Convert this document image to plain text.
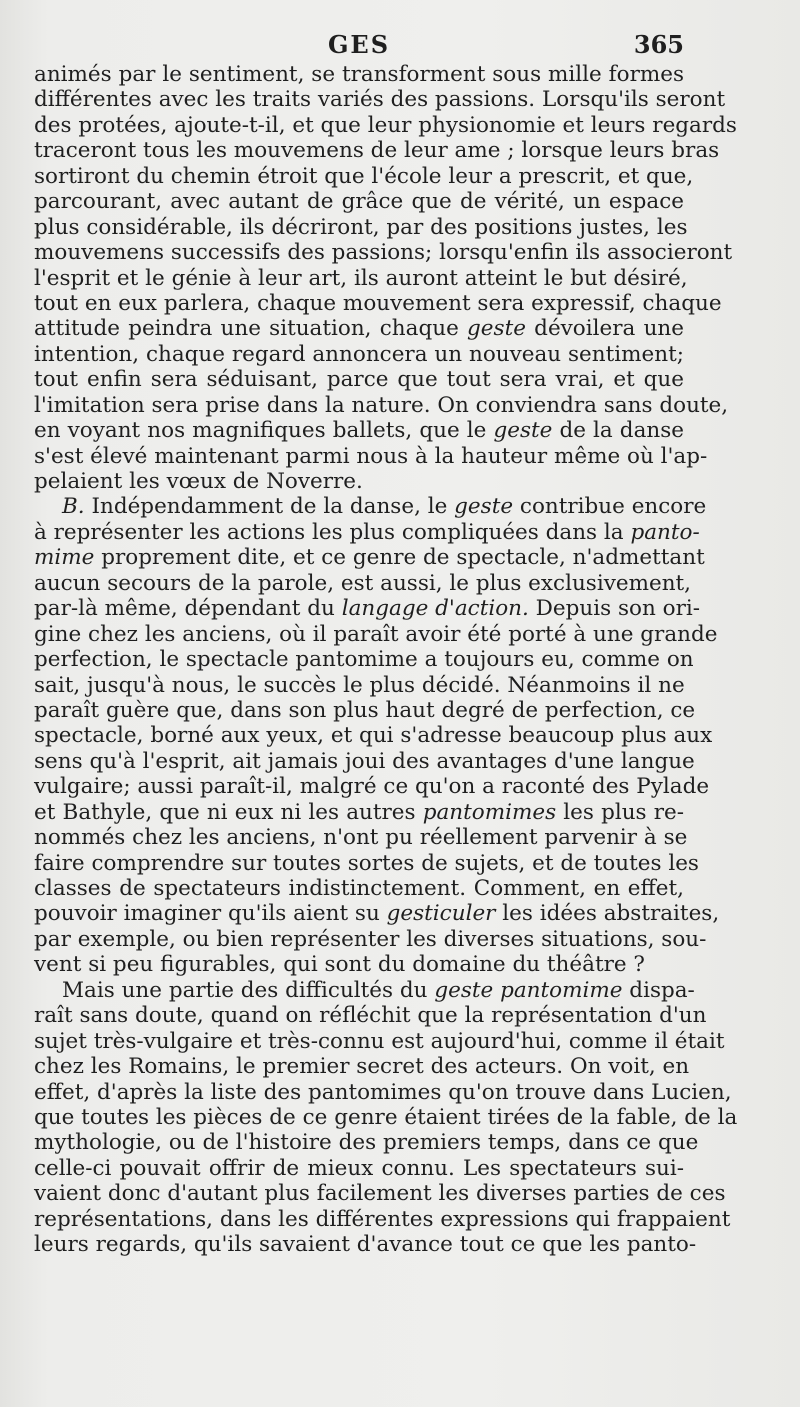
GES	365
animés par le sentiment, se transforment sous mille formes
différentes avec les traits variés des passions. Lorsqu'ils seront
des protées, ajoute-t-il, et que leur physionomie et leurs regards
traceront tous les mouvemens de leur ame ; lorsque leurs bras
sortiront du chemin étroit que l'école leur a prescrit, et que,
parcourant, avec autant de grâce que de vérité, un espace
plus considérable, ils décriront, par des positions justes, les
mouvemens successifs des passions; lorsqu'enfin ils associeront
l'esprit et le génie à leur art, ils auront atteint le but désiré,
tout en eux parlera, chaque mouvement sera expressif, chaque
attitude peindra une situation, chaque geste dévoilera une
intention, chaque regard annoncera un nouveau sentiment;
tout enfin sera séduisant, parce que tout sera vrai, et que
l'imitation sera prise dans la nature. On conviendra sans doute,
en voyant nos magnifiques ballets, que le geste de la danse
s'est élevé maintenant parmi nous à la hauteur même où l'ap-
pelaient les vœux de Noverre.
B. Indépendamment de la danse, le geste contribue encore
à représenter les actions les plus compliquées dans la panto-
mime proprement dite, et ce genre de spectacle, n'admettant
aucun secours de la parole, est aussi, le plus exclusivement,
par-là même, dépendant du langage d'action. Depuis son ori-
gine chez les anciens, où il paraît avoir été porté à une grande
perfection, le spectacle pantomime a toujours eu, comme on
sait, jusqu'à nous, le succès le plus décidé. Néanmoins il ne
paraît guère que, dans son plus haut degré de perfection, ce
spectacle, borné aux yeux, et qui s'adresse beaucoup plus aux
sens qu'à l'esprit, ait jamais joui des avantages d'une langue
vulgaire; aussi paraît-il, malgré ce qu'on a raconté des Pylade
et Bathyle, que ni eux ni les autres pantomimes les plus re-
nommés chez les anciens, n'ont pu réellement parvenir à se
faire comprendre sur toutes sortes de sujets, et de toutes les
classes de spectateurs indistinctement. Comment, en effet,
pouvoir imaginer qu'ils aient su gesticuler les idées abstraites,
par exemple, ou bien représenter les diverses situations, sou-
vent si peu figurables, qui sont du domaine du théâtre ?
Mais une partie des difficultés du geste pantomime dispa-
raît sans doute, quand on réfléchit que la représentation d'un
sujet très-vulgaire et très-connu est aujourd'hui, comme il était
chez les Romains, le premier secret des acteurs. On voit, en
effet, d'après la liste des pantomimes qu'on trouve dans Lucien,
que toutes les pièces de ce genre étaient tirées de la fable, de la
mythologie, ou de l'histoire des premiers temps, dans ce que
celle-ci pouvait offrir de mieux connu. Les spectateurs sui-
vaient donc d'autant plus facilement les diverses parties de ces
représentations, dans les différentes expressions qui frappaient
leurs regards, qu'ils savaient d'avance tout ce que les panto-
